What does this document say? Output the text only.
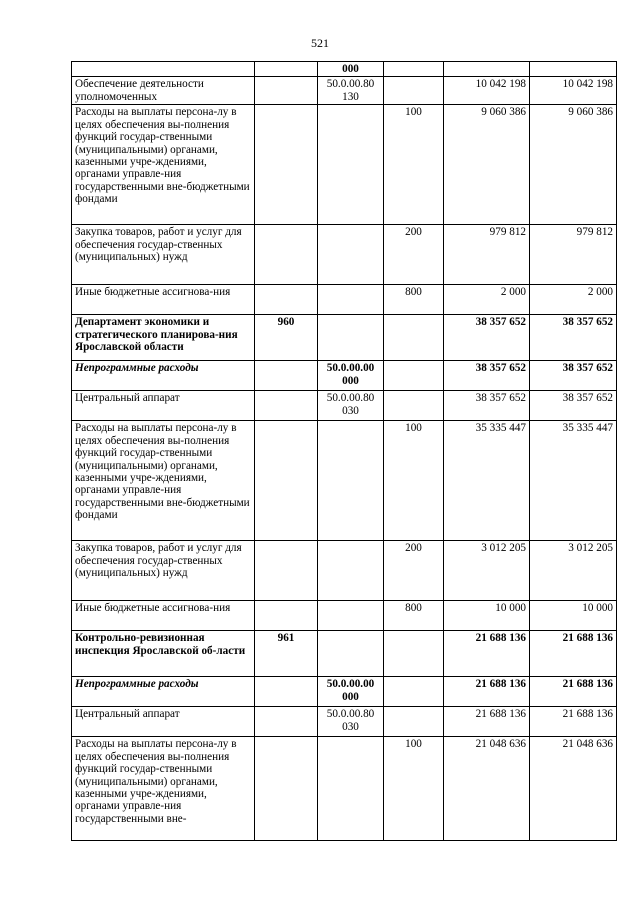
521
		000			
Обеспечение деятельности уполномоченных		50.0.00.80 130		10 042 198	10 042 198
Расходы на выплаты персона-лу в целях обеспечения вы-полнения функций государ-ственными (муниципальными) органами, казенными учре-ждениями, органами управле-ния государственными вне-бюджетными фондами			100	9 060 386	9 060 386
Закупка товаров, работ и услуг для обеспечения государ-ственных (муниципальных) нужд			200	979 812	979 812
Иные бюджетные ассигнова-ния			800	2 000	2 000
Департамент экономики и стратегического планирова-ния Ярославской области	960			38 357 652	38 357 652
Непрограммные расходы		50.0.00.00 000		38 357 652	38 357 652
Центральный аппарат		50.0.00.80 030		38 357 652	38 357 652
Расходы на выплаты персона-лу в целях обеспечения вы-полнения функций государ-ственными (муниципальными) органами, казенными учре-ждениями, органами управле-ния государственными вне-бюджетными фондами			100	35 335 447	35 335 447
Закупка товаров, работ и услуг для обеспечения государ-ственных (муниципальных) нужд			200	3 012 205	3 012 205
Иные бюджетные ассигнова-ния			800	10 000	10 000
Контрольно-ревизионная инспекция Ярославской об-ласти	961			21 688 136	21 688 136
Непрограммные расходы		50.0.00.00 000		21 688 136	21 688 136
Центральный аппарат		50.0.00.80 030		21 688 136	21 688 136
Расходы на выплаты персона-лу в целях обеспечения вы-полнения функций государ-ственными (муниципальными) органами, казенными учре-ждениями, органами управле-ния государственными вне-			100	21 048 636	21 048 636
